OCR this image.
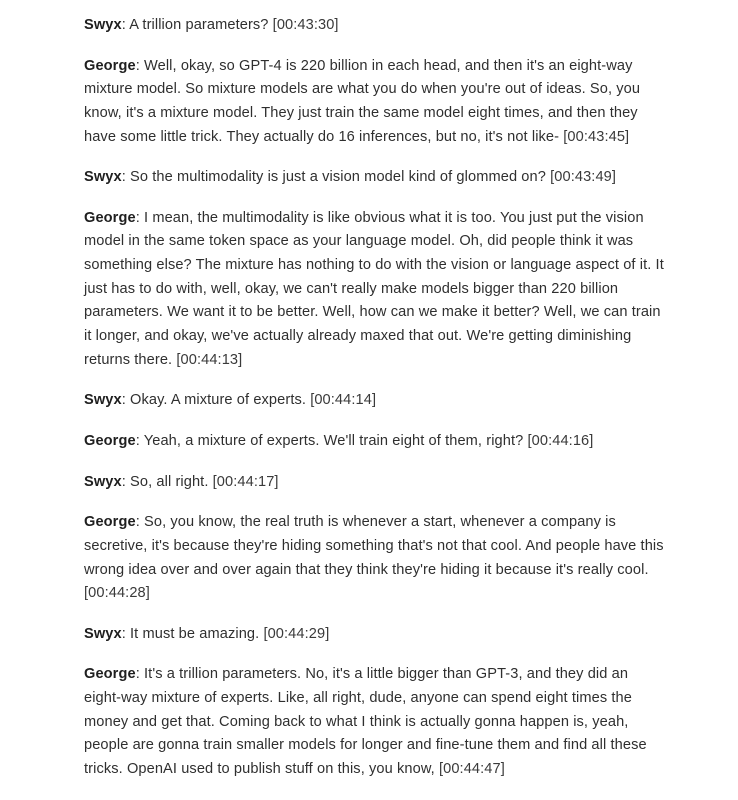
Swyx: A trillion parameters? [00:43:30]

George: Well, okay, so GPT-4 is 220 billion in each head, and then it's an eight-way mixture model. So mixture models are what you do when you're out of ideas. So, you know, it's a mixture model. They just train the same model eight times, and then they have some little trick. They actually do 16 inferences, but no, it's not like- [00:43:45]

Swyx: So the multimodality is just a vision model kind of glommed on? [00:43:49]

George: I mean, the multimodality is like obvious what it is too. You just put the vision model in the same token space as your language model. Oh, did people think it was something else? The mixture has nothing to do with the vision or language aspect of it. It just has to do with, well, okay, we can't really make models bigger than 220 billion parameters. We want it to be better. Well, how can we make it better? Well, we can train it longer, and okay, we've actually already maxed that out. We're getting diminishing returns there. [00:44:13]

Swyx: Okay. A mixture of experts. [00:44:14]

George: Yeah, a mixture of experts. We'll train eight of them, right? [00:44:16]

Swyx: So, all right. [00:44:17]

George: So, you know, the real truth is whenever a start, whenever a company is secretive, it's because they're hiding something that's not that cool. And people have this wrong idea over and over again that they think they're hiding it because it's really cool. [00:44:28]

Swyx: It must be amazing. [00:44:29]

George: It's a trillion parameters. No, it's a little bigger than GPT-3, and they did an eight-way mixture of experts. Like, all right, dude, anyone can spend eight times the money and get that. Coming back to what I think is actually gonna happen is, yeah, people are gonna train smaller models for longer and fine-tune them and find all these tricks. OpenAI used to publish stuff on this, you know, [00:44:47]
